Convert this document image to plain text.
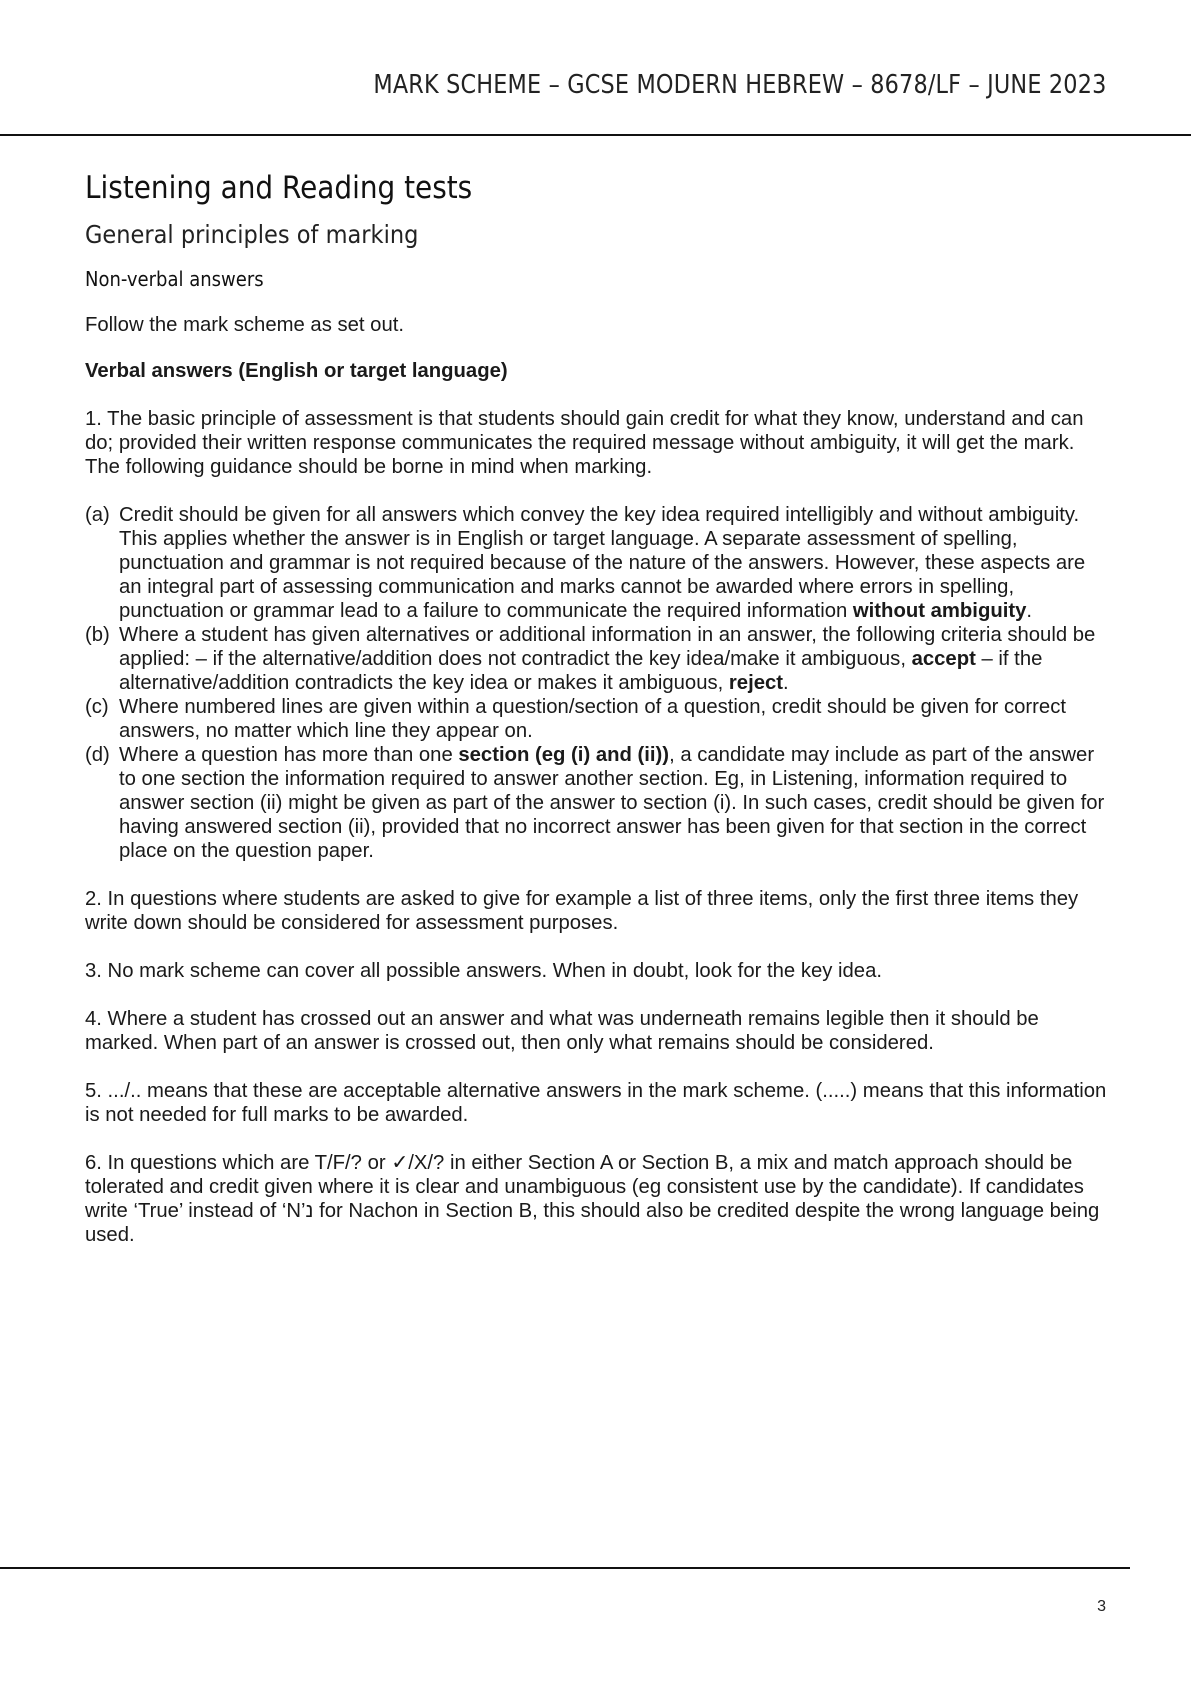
MARK SCHEME – GCSE MODERN HEBREW – 8678/LF – JUNE 2023
Listening and Reading tests
General principles of marking
Non-verbal answers

Follow the mark scheme as set out.

Verbal answers (English or target language)

1. The basic principle of assessment is that students should gain credit for what they know, understand and can do; provided their written response communicates the required message without ambiguity, it will get the mark. The following guidance should be borne in mind when marking.

(a) Credit should be given for all answers which convey the key idea required intelligibly and without ambiguity. This applies whether the answer is in English or target language. A separate assessment of spelling, punctuation and grammar is not required because of the nature of the answers. However, these aspects are an integral part of assessing communication and marks cannot be awarded where errors in spelling, punctuation or grammar lead to a failure to communicate the required information without ambiguity.
(b) Where a student has given alternatives or additional information in an answer, the following criteria should be applied: – if the alternative/addition does not contradict the key idea/make it ambiguous, accept – if the alternative/addition contradicts the key idea or makes it ambiguous, reject.
(c) Where numbered lines are given within a question/section of a question, credit should be given for correct answers, no matter which line they appear on.
(d) Where a question has more than one section (eg (i) and (ii)), a candidate may include as part of the answer to one section the information required to answer another section. Eg, in Listening, information required to answer section (ii) might be given as part of the answer to section (i). In such cases, credit should be given for having answered section (ii), provided that no incorrect answer has been given for that section in the correct place on the question paper.

2. In questions where students are asked to give for example a list of three items, only the first three items they write down should be considered for assessment purposes.

3. No mark scheme can cover all possible answers. When in doubt, look for the key idea.

4. Where a student has crossed out an answer and what was underneath remains legible then it should be marked. When part of an answer is crossed out, then only what remains should be considered.

5. .../.. means that these are acceptable alternative answers in the mark scheme. (.....) means that this information is not needed for full marks to be awarded.

6. In questions which are T/F/? or ✓/X/? in either Section A or Section B, a mix and match approach should be tolerated and credit given where it is clear and unambiguous (eg consistent use by the candidate). If candidates write ‘True’ instead of ‘N’נ for Nachon in Section B, this should also be credited despite the wrong language being used.

3
